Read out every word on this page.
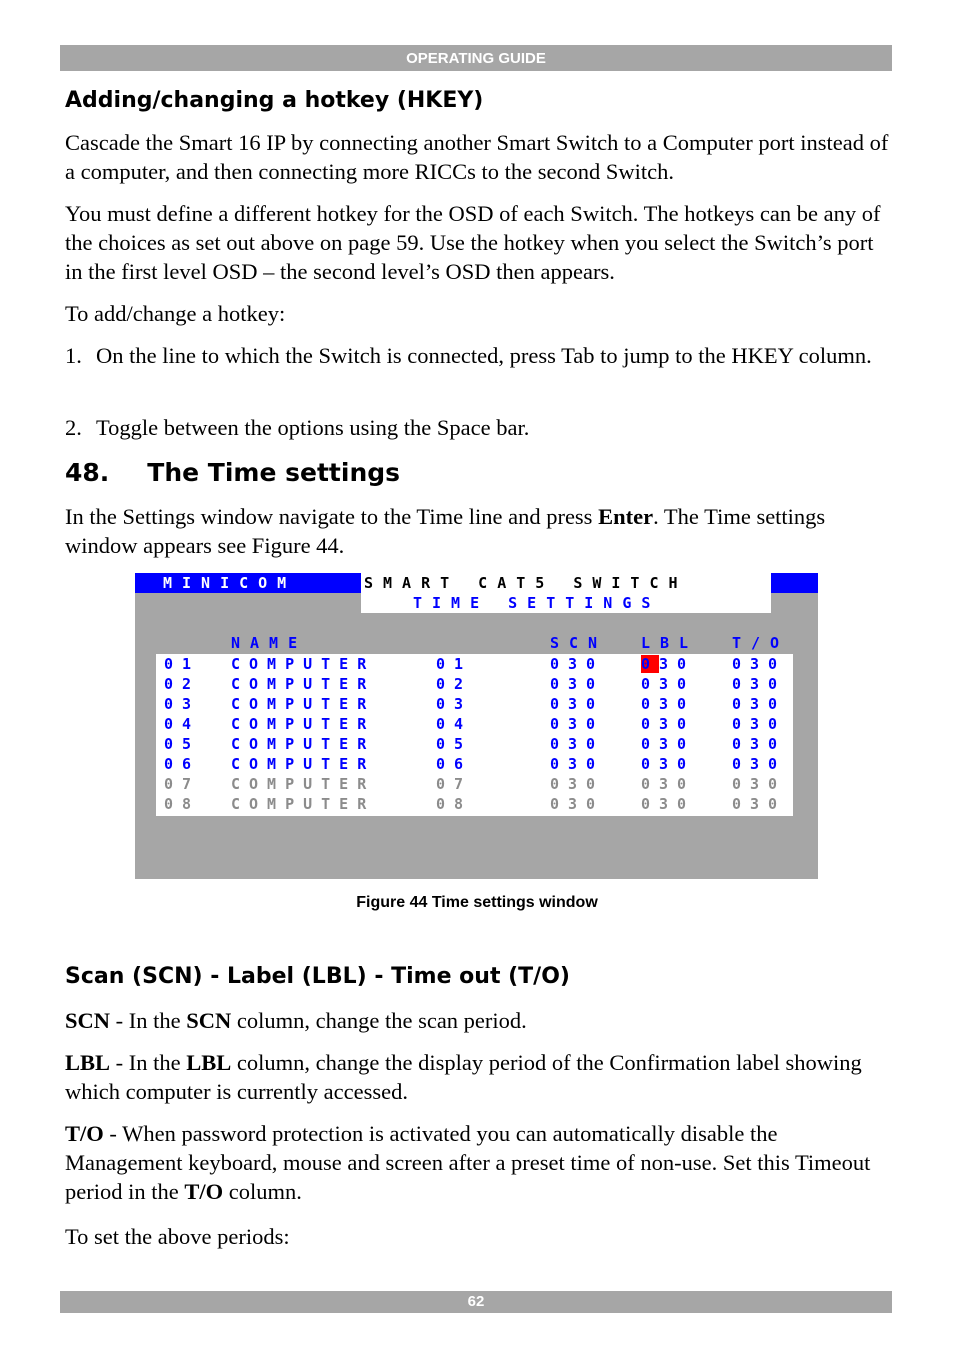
OPERATING GUIDE
Adding/changing a hotkey (HKEY)

Cascade the Smart 16 IP by connecting another Smart Switch to a Computer port instead of a computer, and then connecting more RICCs to the second Switch.

You must define a different hotkey for the OSD of each Switch. The hotkeys can be any of the choices as set out above on page 59. Use the hotkey when you select the Switch’s port in the first level OSD – the second level’s OSD then appears.

To add/change a hotkey:

1. On the line to which the Switch is connected, press Tab to jump to the HKEY column.
2. Toggle between the options using the Space bar.
48. The Time settings

In the Settings window navigate to the Time line and press Enter. The Time settings window appears see Figure 44.

MINICOM	SMART CAT5 SWITCH
TIME SETTINGS
NAME	SCN LBL T/O
01 COMPUTER	01	030 030 030
02 COMPUTER	02	030 030 030
03 COMPUTER	03	030 030 030
04 COMPUTER	04	030 030 030
05 COMPUTER	05	030 030 030
06 COMPUTER	06	030 030 030
07 COMPUTER	07	030 030 030
08 COMPUTER	08	030 030 030
Figure 44 Time settings window
Scan (SCN) - Label (LBL) - Time out (T/O)

SCN - In the SCN column, change the scan period.

LBL - In the LBL column, change the display period of the Confirmation label showing which computer is currently accessed.

T/O - When password protection is activated you can automatically disable the Management keyboard, mouse and screen after a preset time of non-use. Set this Timeout period in the T/O column.

To set the above periods:

62
